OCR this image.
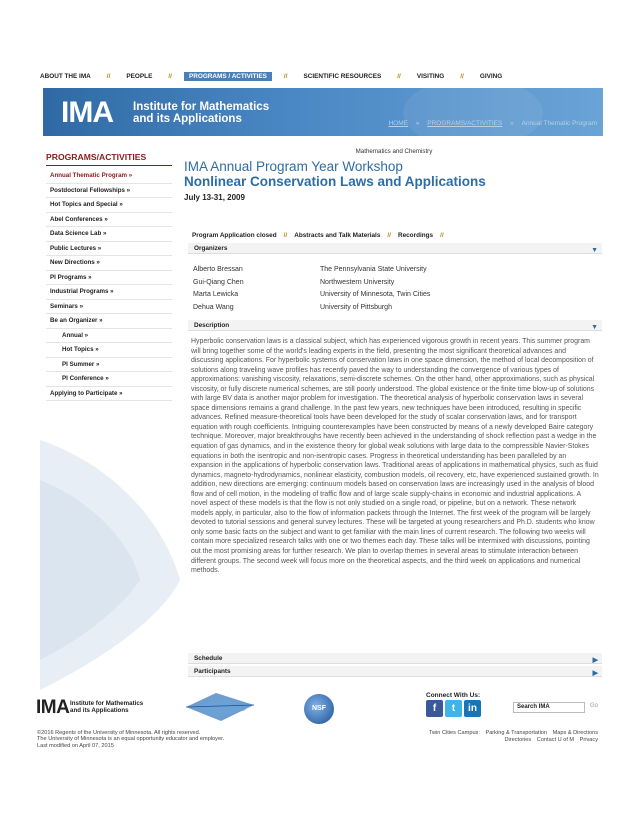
ABOUT THE IMA	//	PEOPLE	//	PROGRAMS / ACTIVITIES	//	SCIENTIFIC RESOURCES	//	VISITING	//	GIVING
IMA Institute for Mathematics
and its Applications	HOME » PROGRAMS/ACTIVITIES » Annual Thematic Program
PROGRAMS/ACTIVITIES
Annual Thematic Program »
Postdoctoral Fellowships »
Hot Topics and Special »
Abel Conferences »
Data Science Lab »
Public Lectures »
New Directions »
PI Programs »
Industrial Programs »
Seminars »
Be an Organizer »
Annual »
Hot Topics »
PI Summer »
PI Conference »
Applying to Participate »
Mathematics and Chemistry
IMA Annual Program Year Workshop
Nonlinear Conservation Laws and Applications
July 13-31, 2009
Program Application closed	//	Abstracts and Talk Materials	//	Recordings	//
Organizers	▼
Alberto Bressan	The Pennsylvania State University
Gui-Qiang Chen	Northwestern University
Marta Lewicka	University of Minnesota, Twin Cities
Dehua Wang	University of Pittsburgh
Description	▼
Hyperbolic conservation laws is a classical subject, which has experienced vigorous growth in recent years. This summer program will bring together some of the world's leading experts in the field, presenting the most significant theoretical advances and discussing applications. For hyperbolic systems of conservation laws in one space dimension, the method of local decomposition of solutions along traveling wave profiles has recently paved the way to understanding the convergence of various types of approximations: vanishing viscosity, relaxations, semi-discrete schemes. On the other hand, other approximations, such as physical viscosity, or fully discrete numerical schemes, are still poorly understood. The global existence or the finite time blow-up of solutions with large BV data is another major problem for investigation. The theoretical analysis of hyperbolic conservation laws in several space dimensions remains a grand challenge. In the past few years, new techniques have been introduced, resulting in specific advances. Refined measure-theoretical tools have been developed for the study of scalar conservation laws, and for transport equation with rough coefficients. Intriguing counterexamples have been constructed by means of a newly developed Baire category technique. Moreover, major breakthroughs have recently been achieved in the understanding of shock reflection past a wedge in the equation of gas dynamics, and in the existence theory for global weak solutions with large data to the compressible Navier-Stokes equations in both the isentropic and non-isentropic cases. Progress in theoretical understanding has been paralleled by an expansion in the applications of hyperbolic conservation laws. Traditional areas of applications in mathematical physics, such as fluid dynamics, magneto-hydrodynamics, nonlinear elasticity, combustion models, oil recovery, etc, have experienced sustained growth. In addition, new directions are emerging: continuum models based on conservation laws are increasingly used in the analysis of blood flow and of cell motion, in the modeling of traffic flow and of large scale supply-chains in economic and industrial applications. A novel aspect of these models is that the flow is not only studied on a single road, or pipeline, but on a network. These network models apply, in particular, also to the flow of information packets through the Internet. The first week of the program will be largely devoted to tutorial sessions and general survey lectures. These will be targeted at young researchers and Ph.D. students who know only some basic facts on the subject and want to get familiar with the main lines of current research. The following two weeks will contain more specialized research talks with one or two themes each day. These talks will be intermixed with discussions, pointing out the most promising areas for further research. We plan to overlap themes in several areas to stimulate interaction between different groups. The second week will focus more on the theoretical aspects, and the third week on applications and numerical methods.
Schedule	▶
Participants	▶
IMA Institute for Mathematics
and its Applications	NSF
Connect With Us:
f	t	in	Search IMA	Go
©2016 Regents of the University of Minnesota. All rights reserved.
The University of Minnesota is an equal opportunity educator and employer.
Last modified on April 07, 2015
Twin Cities Campus: Parking & Transportation Maps & Directions
Directories Contact U of M Privacy
